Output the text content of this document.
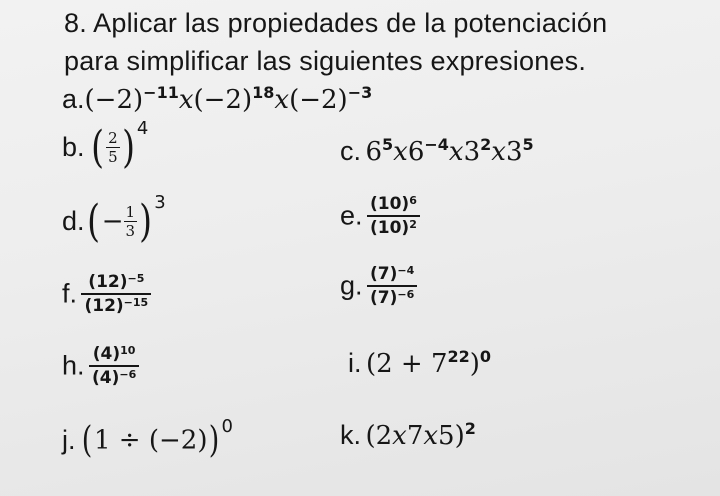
8. Aplicar las propiedades de la potenciación
para simplificar las siguientes expresiones.
$a.(-2)^{-11}x(-2)^{18}x(-2)^{-3}$
b. ( $\frac{2}{5}$ ) 4
c. $6^5x6^{-4}x3^2x3^5$
$d.(- \frac{1}{3}$ ) 3	e. $\frac{(10)^6}{(10)^2}$
f. $\frac{(12)^{-5}}{(12)^{-15}}$	g. $\frac{(7)^{-4}}{(7)^{-6}}$
h. $\frac{(4)^{10}}{(4)^{-6}}$	i. $(2 + 7^{22})^0$
j. (1 ÷ (−2))0	k. $(2x7x5)^2$
